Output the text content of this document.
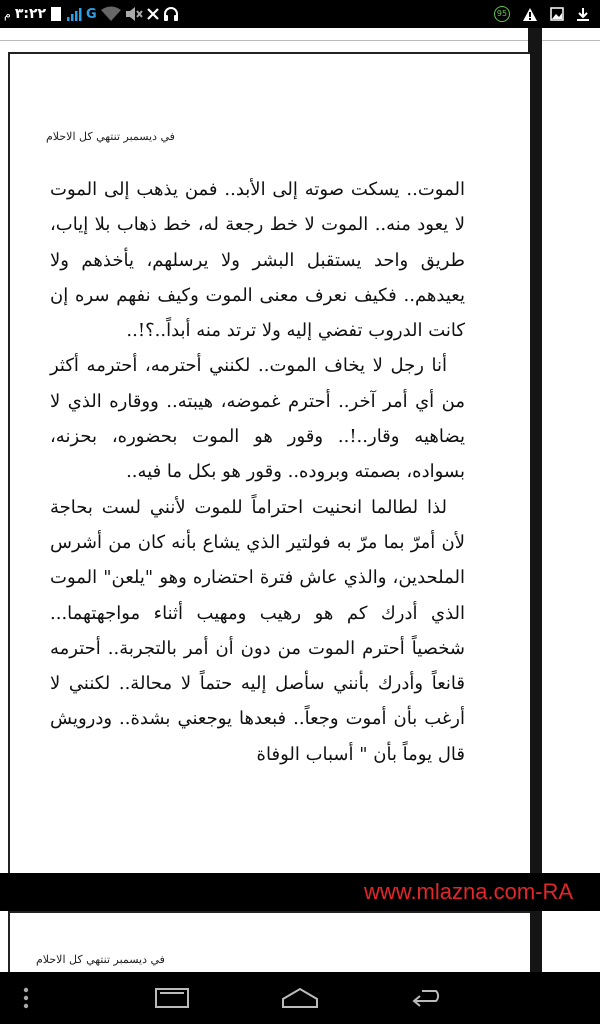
م ٣:٢٢	G	95
في ديسمبر تنتهي كل الاحلام

الموت.. يسكت صوته إلى الأبد.. فمن يذهب إلى الموت لا يعود منه.. الموت لا خط رجعة له، خط ذهاب بلا إياب، طريق واحد يستقبل البشر ولا يرسلهم، يأخذهم ولا يعيدهم.. فكيف نعرف معنى الموت وكيف نفهم سره إن كانت الدروب تفضي إليه ولا ترتد منه أبداً..؟!..

أنا رجل لا يخاف الموت.. لكنني أحترمه، أحترمه أكثر من أي أمر آخر.. أحترم غموضه، هيبته.. ووقاره الذي لا يضاهيه وقار..!.. وقور هو الموت بحضوره، بحزنه، بسواده، بصمته وبروده.. وقور هو بكل ما فيه..

لذا لطالما انحنيت احتراماً للموت لأنني لست بحاجة لأن أمرّ بما مرّ به فولتير الذي يشاع بأنه كان من أشرس الملحدين، والذي عاش فترة احتضاره وهو "يلعن" الموت الذي أدرك كم هو رهيب ومهيب أثناء مواجهتهما... شخصياً أحترم الموت من دون أن أمر بالتجربة.. أحترمه قانعاً وأدرك بأنني سأصل إليه حتماً لا محالة.. لكنني لا أرغب بأن أموت وجعاً.. فبعدها يوجعني بشدة.. ودرويش قال يوماً بأن " أسباب الوفاة

www.mlazna.com-RA
في ديسمبر تنتهي كل الاحلام
